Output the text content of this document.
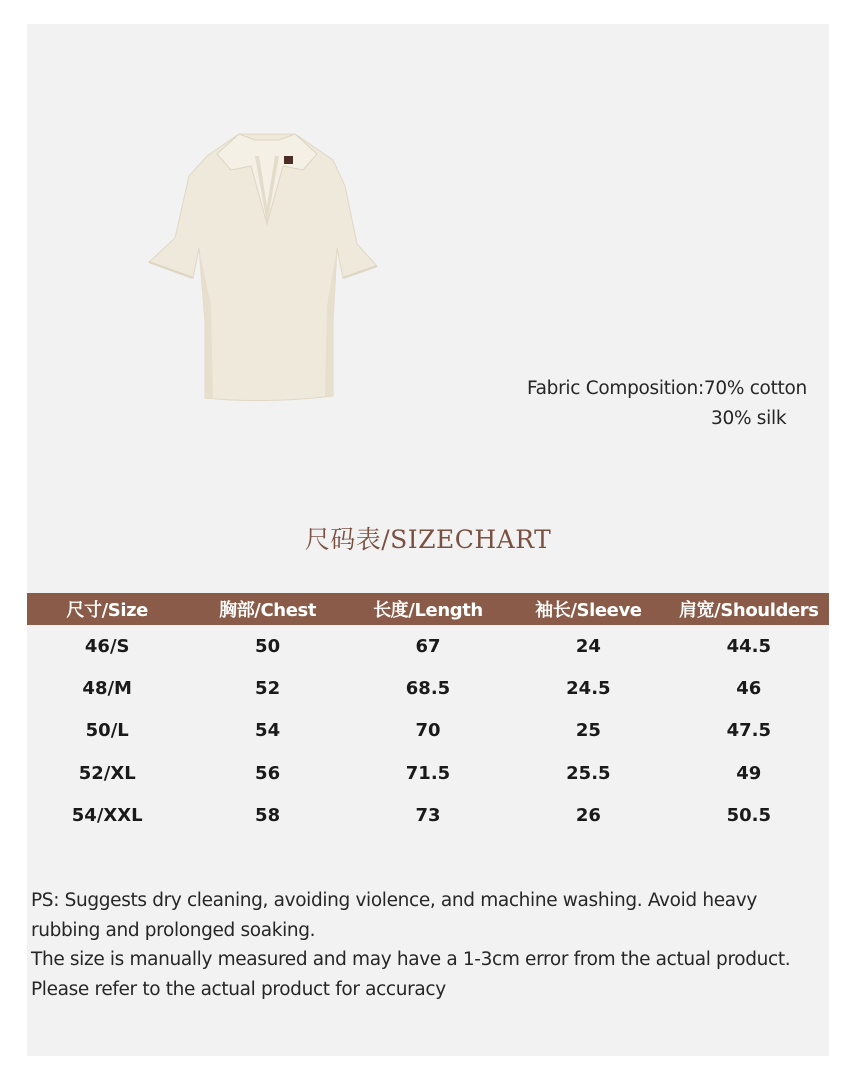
Fabric Composition:70% cotton
30% silk
尺码表/SIZECHART
尺寸/Size	胸部/Chest	长度/Length	袖长/Sleeve	肩宽/Shoulders
46/S	50	67	24	44.5
48/M	52	68.5	24.5	46
50/L	54	70	25	47.5
52/XL	56	71.5	25.5	49
54/XXL	58	73	26	50.5

PS: Suggests dry cleaning, avoiding violence, and machine washing. Avoid heavy rubbing and prolonged soaking.

The size is manually measured and may have a 1-3cm error from the actual product.

Please refer to the actual product for accuracy
